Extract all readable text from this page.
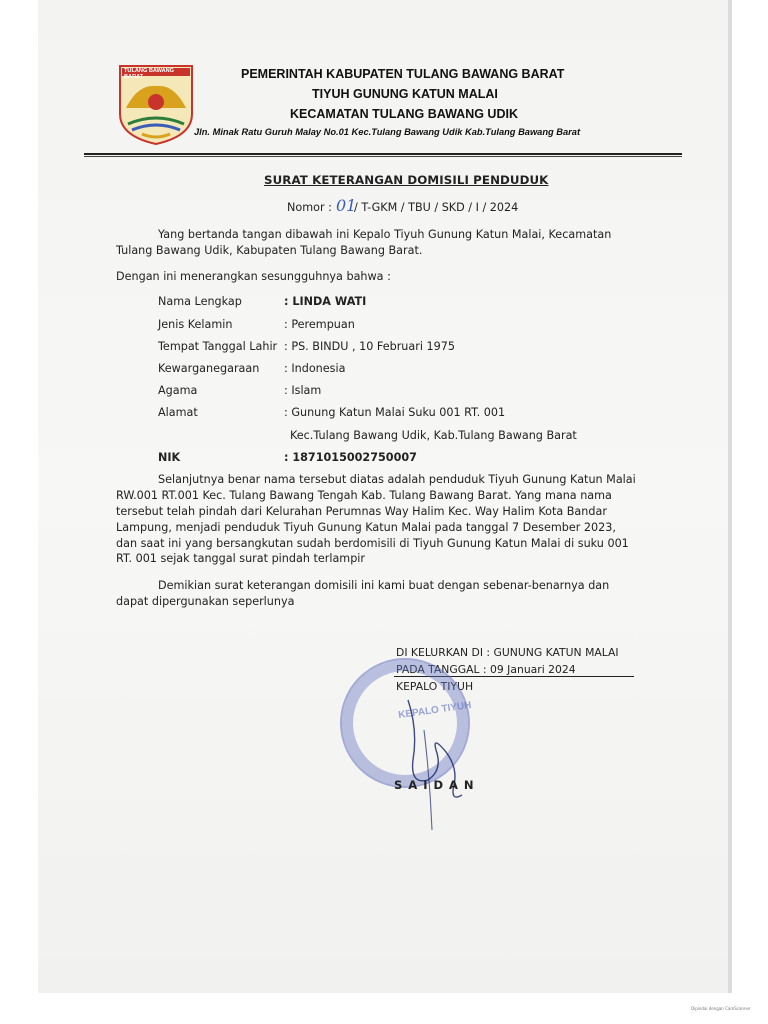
TULANG BAWANG BARAT	PEMERINTAH KABUPATEN TULANG BAWANG BARAT
TIYUH GUNUNG KATUN MALAI
KECAMATAN TULANG BAWANG UDIK
Jln. Minak Ratu Guruh Malay No.01 Kec.Tulang Bawang Udik Kab.Tulang Bawang Barat
SURAT KETERANGAN DOMISILI PENDUDUK
Nomor : 01
/ T-GKM / TBU / SKD / I / 2024
Yang bertanda tangan dibawah ini Kepalo Tiyuh Gunung Katun Malai, Kecamatan
Tulang Bawang Udik, Kabupaten Tulang Bawang Barat.
Dengan ini menerangkan sesungguhnya bahwa :
Nama Lengkap	: LINDA WATI
Jenis Kelamin	: Perempuan
Tempat Tanggal Lahir : PS. BINDU , 10 Februari 1975
Kewarganegaraan : Indonesia
Agama	: Islam
Alamat	: Gunung Katun Malai Suku 001 RT. 001
Kec.Tulang Bawang Udik, Kab.Tulang Bawang Barat
NIK	: 1871015002750007
Selanjutnya benar nama tersebut diatas adalah penduduk Tiyuh Gunung Katun Malai
RW.001 RT.001 Kec. Tulang Bawang Tengah Kab. Tulang Bawang Barat. Yang mana nama
tersebut telah pindah dari Kelurahan Perumnas Way Halim Kec. Way Halim Kota Bandar
Lampung, menjadi penduduk Tiyuh Gunung Katun Malai pada tanggal 7 Desember 2023,
dan saat ini yang bersangkutan sudah berdomisili di Tiyuh Gunung Katun Malai di suku 001
RT. 001 sejak tanggal surat pindah terlampir
Demikian surat keterangan domisili ini kami buat dengan sebenar-benarnya dan
dapat dipergunakan seperlunya
DI KELURKAN DI : GUNUNG KATUN MALAI
PADA TANGGAL : 09 Januari 2024
KEPALO TIYUH
KEPALO TIYUH
S A I D A N
Dipindai dengan CamScanner
